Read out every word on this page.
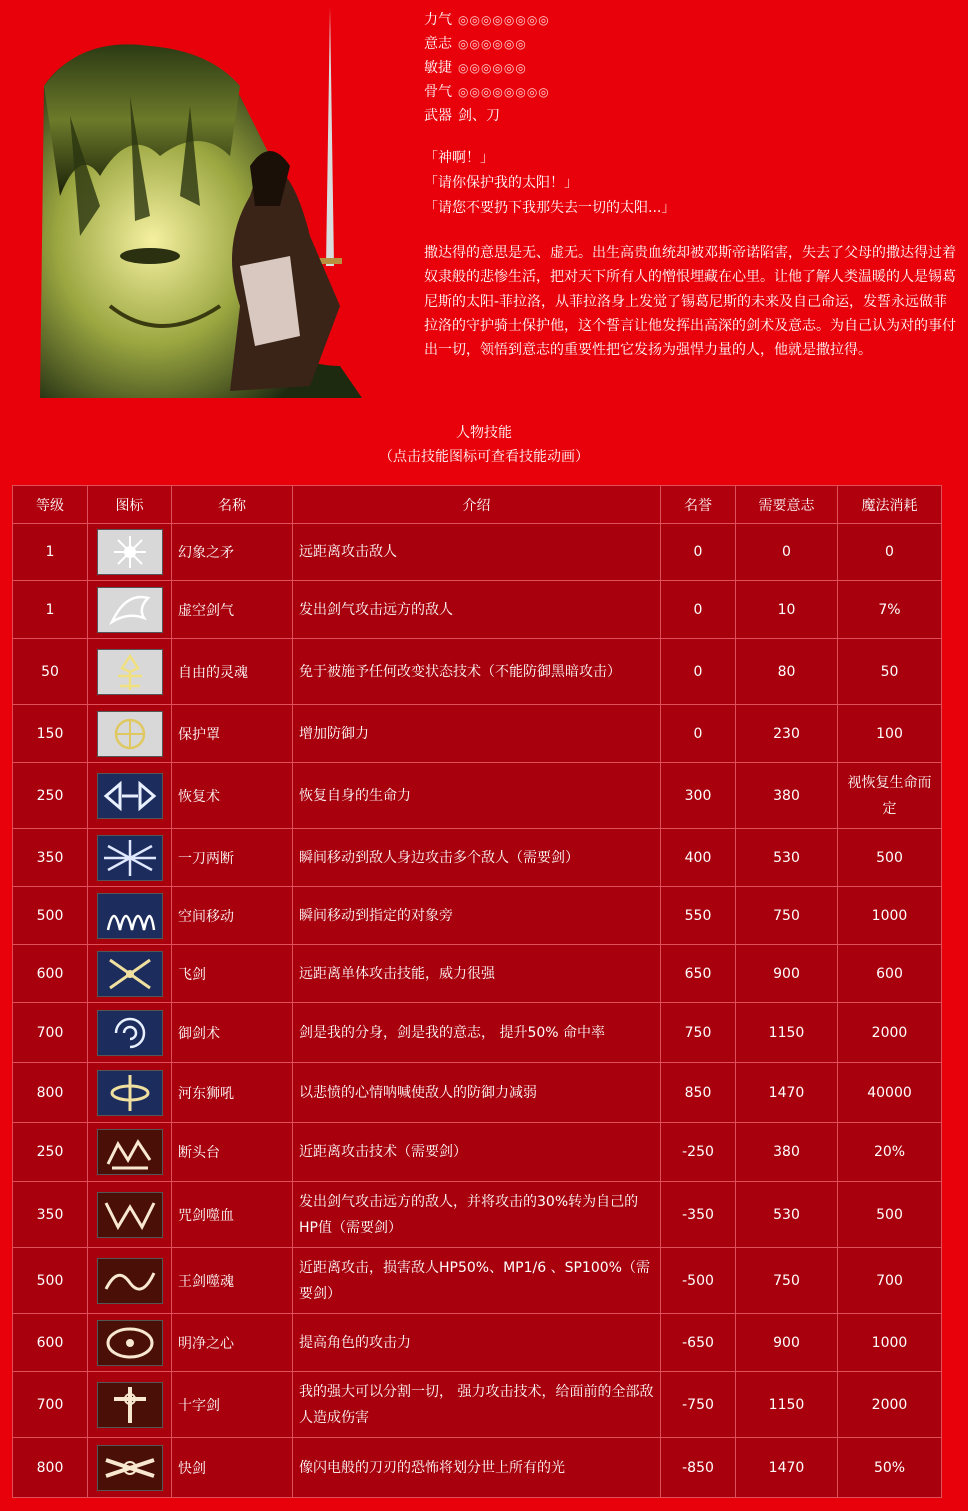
力气 ◎◎◎◎◎◎◎◎
意志 ◎◎◎◎◎◎
敏捷 ◎◎◎◎◎◎
骨气 ◎◎◎◎◎◎◎◎
武器 剑、刀
「神啊！」
「请你保护我的太阳！」
「请您不要扔下我那失去一切的太阳...」
撒达得的意思是无、虚无。出生高贵血统却被邓斯帝诺陷害，失去了父母的撒达得过着奴隶般的悲惨生活，把对天下所有人的憎恨埋藏在心里。让他了解人类温暖的人是锡葛尼斯的太阳-菲拉洛，从菲拉洛身上发觉了锡葛尼斯的未来及自己命运，发誓永远做菲拉洛的守护骑士保护他，这个誓言让他发挥出高深的剑术及意志。为自己认为对的事付出一切，领悟到意志的重要性把它发扬为强悍力量的人，他就是撒拉得。
人物技能
（点击技能图标可查看技能动画）
等级	图标	名称	介绍	名誉	需要意志	魔法消耗
1		幻象之矛	远距离攻击敌人	0	0	0
1		虚空剑气	发出剑气攻击远方的敌人	0	10	7%
50		自由的灵魂	免于被施予任何改变状态技术（不能防御黑暗攻击）	0	80	50
150		保护罩	增加防御力	0	230	100
250		恢复术	恢复自身的生命力	300	380	视恢复生命而定
350		一刀两断	瞬间移动到敌人身边攻击多个敌人（需要剑）	400	530	500
500		空间移动	瞬间移动到指定的对象旁	550	750	1000
600		飞剑	远距离单体攻击技能，威力很强	650	900	600
700		御剑术	剑是我的分身，剑是我的意志， 提升50% 命中率	750	1150	2000
800		河东狮吼	以悲愤的心情呐喊使敌人的防御力减弱	850	1470	40000
250		断头台	近距离攻击技术（需要剑）	-250	380	20%
350		咒剑噬血	发出剑气攻击远方的敌人，并将攻击的30%转为自己的HP值（需要剑）	-350	530	500
500		王剑噬魂	近距离攻击，损害敌人HP50%、MP1/6 、SP100%（需要剑）	-500	750	700
600		明净之心	提高角色的攻击力	-650	900	1000
700		十字剑	我的强大可以分割一切， 强力攻击技术，给面前的全部敌人造成伤害	-750	1150	2000
800		快剑	像闪电般的刀刃的恐怖将划分世上所有的光	-850	1470	50%
